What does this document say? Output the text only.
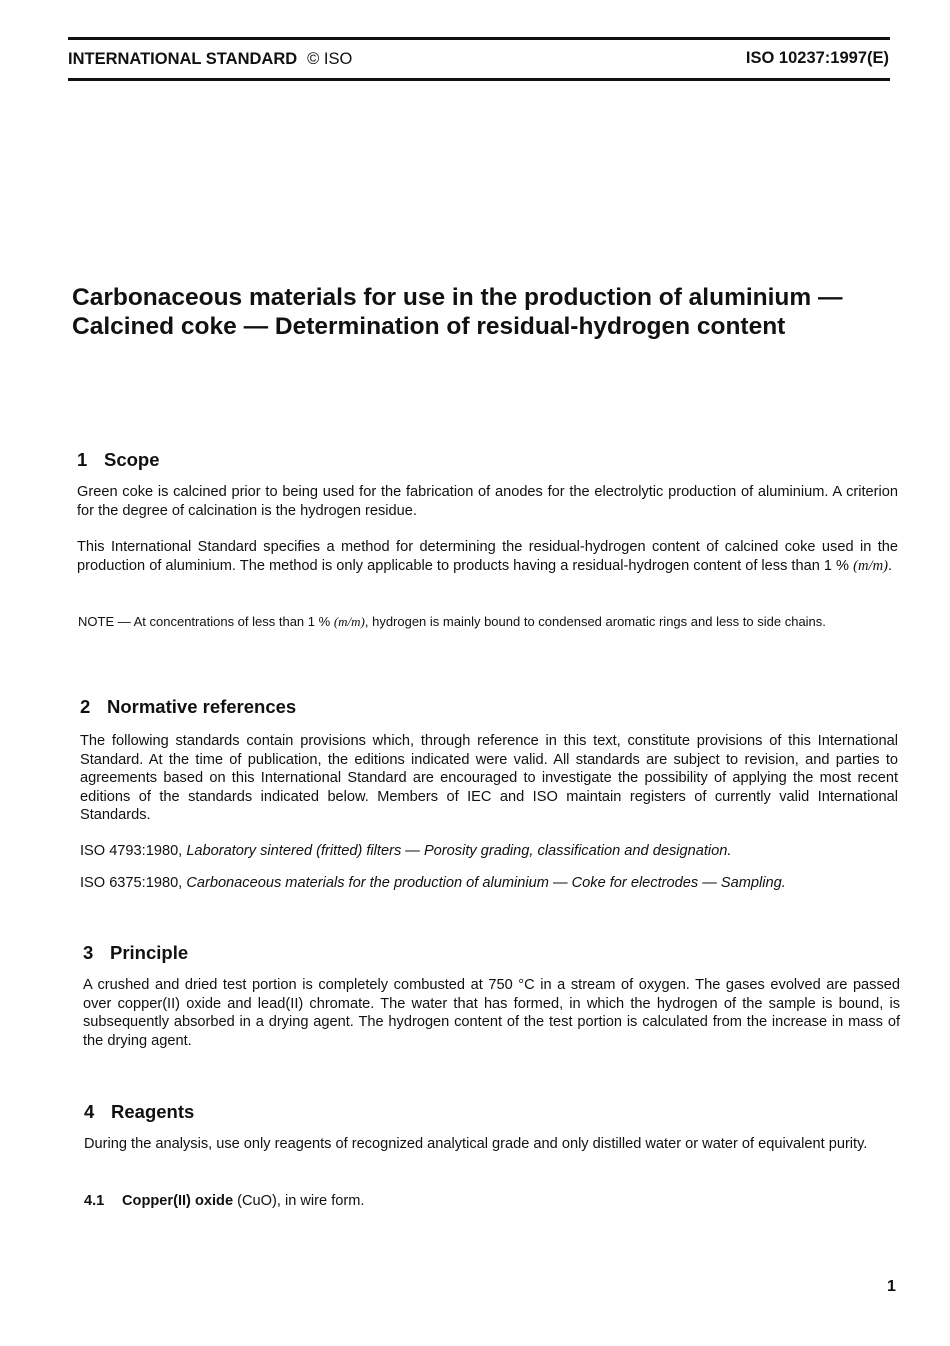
INTERNATIONAL STANDARD © ISO	ISO 10237:1997(E)
Carbonaceous materials for use in the production of aluminium —
Calcined coke — Determination of residual-hydrogen content
1 Scope
Green coke is calcined prior to being used for the fabrication of anodes for the electrolytic production of aluminium. A criterion for the degree of calcination is the hydrogen residue.
This International Standard specifies a method for determining the residual-hydrogen content of calcined coke used in the production of aluminium. The method is only applicable to products having a residual-hydrogen content of less than 1 % (m/m).
NOTE — At concentrations of less than 1 % (m/m), hydrogen is mainly bound to condensed aromatic rings and less to side chains.
2 Normative references
The following standards contain provisions which, through reference in this text, constitute provisions of this International Standard. At the time of publication, the editions indicated were valid. All standards are subject to revision, and parties to agreements based on this International Standard are encouraged to investigate the possibility of applying the most recent editions of the standards indicated below. Members of IEC and ISO maintain registers of currently valid International Standards.
ISO 4793:1980, Laboratory sintered (fritted) filters — Porosity grading, classification and designation.
ISO 6375:1980, Carbonaceous materials for the production of aluminium — Coke for electrodes — Sampling.
3 Principle
A crushed and dried test portion is completely combusted at 750 °C in a stream of oxygen. The gases evolved are passed over copper(II) oxide and lead(II) chromate. The water that has formed, in which the hydrogen of the sample is bound, is subsequently absorbed in a drying agent. The hydrogen content of the test portion is calculated from the increase in mass of the drying agent.
4 Reagents
During the analysis, use only reagents of recognized analytical grade and only distilled water or water of equivalent purity.
4.1 Copper(II) oxide (CuO), in wire form.
1
